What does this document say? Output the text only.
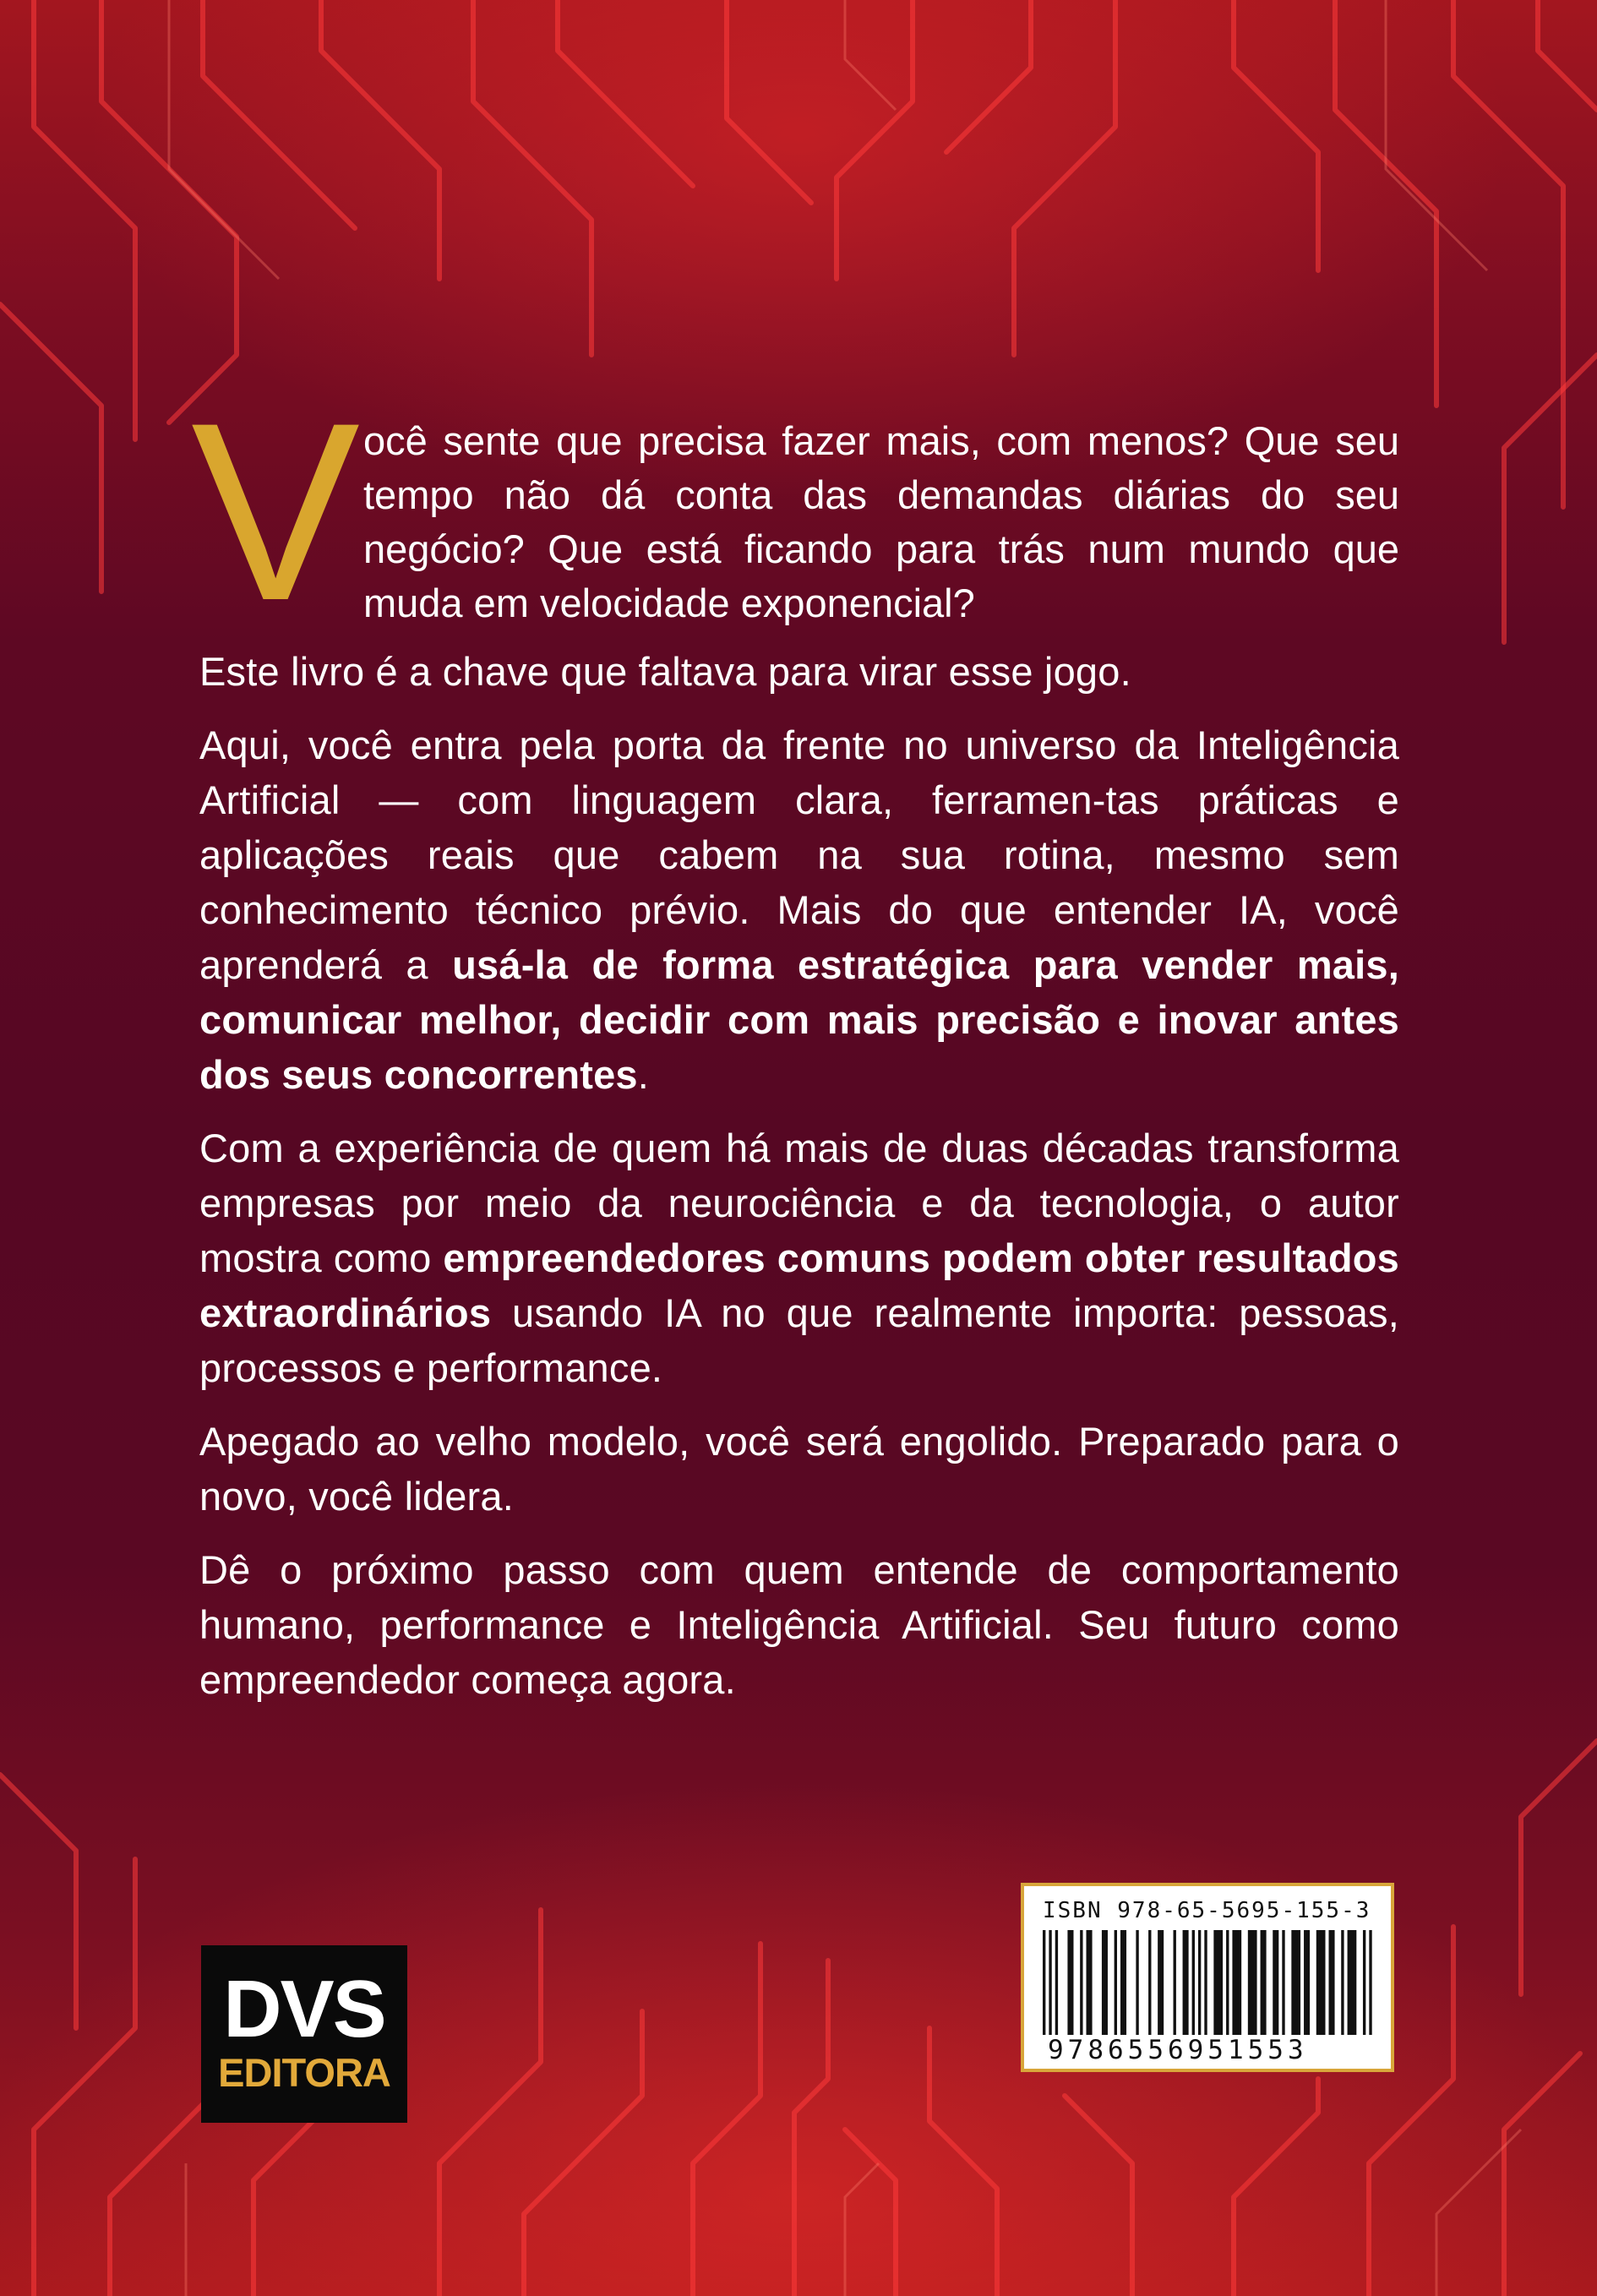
V ocê sente que precisa fazer mais, com menos? Que seu tempo não dá conta das demandas diárias do seu negócio? Que está ficando para trás num mundo que muda em velocidade exponencial?

Este livro é a chave que faltava para virar esse jogo.

Aqui, você entra pela porta da frente no universo da Inteligência Artificial — com linguagem clara, ferramen-tas práticas e aplicações reais que cabem na sua rotina, mesmo sem conhecimento técnico prévio. Mais do que entender IA, você aprenderá a usá-la de forma estratégica para vender mais, comunicar melhor, decidir com mais precisão e inovar antes dos seus concorrentes.

Com a experiência de quem há mais de duas décadas transforma empresas por meio da neurociência e da tecnologia, o autor mostra como empreendedores comuns podem obter resultados extraordinários usando IA no que realmente importa: pessoas, processos e performance.

Apegado ao velho modelo, você será engolido. Preparado para o novo, você lidera.

Dê o próximo passo com quem entende de comportamento humano, performance e Inteligência Artificial. Seu futuro como empreendedor começa agora.

DVS
EDITORA
ISBN 978-65-5695-155-3
9786556951553
